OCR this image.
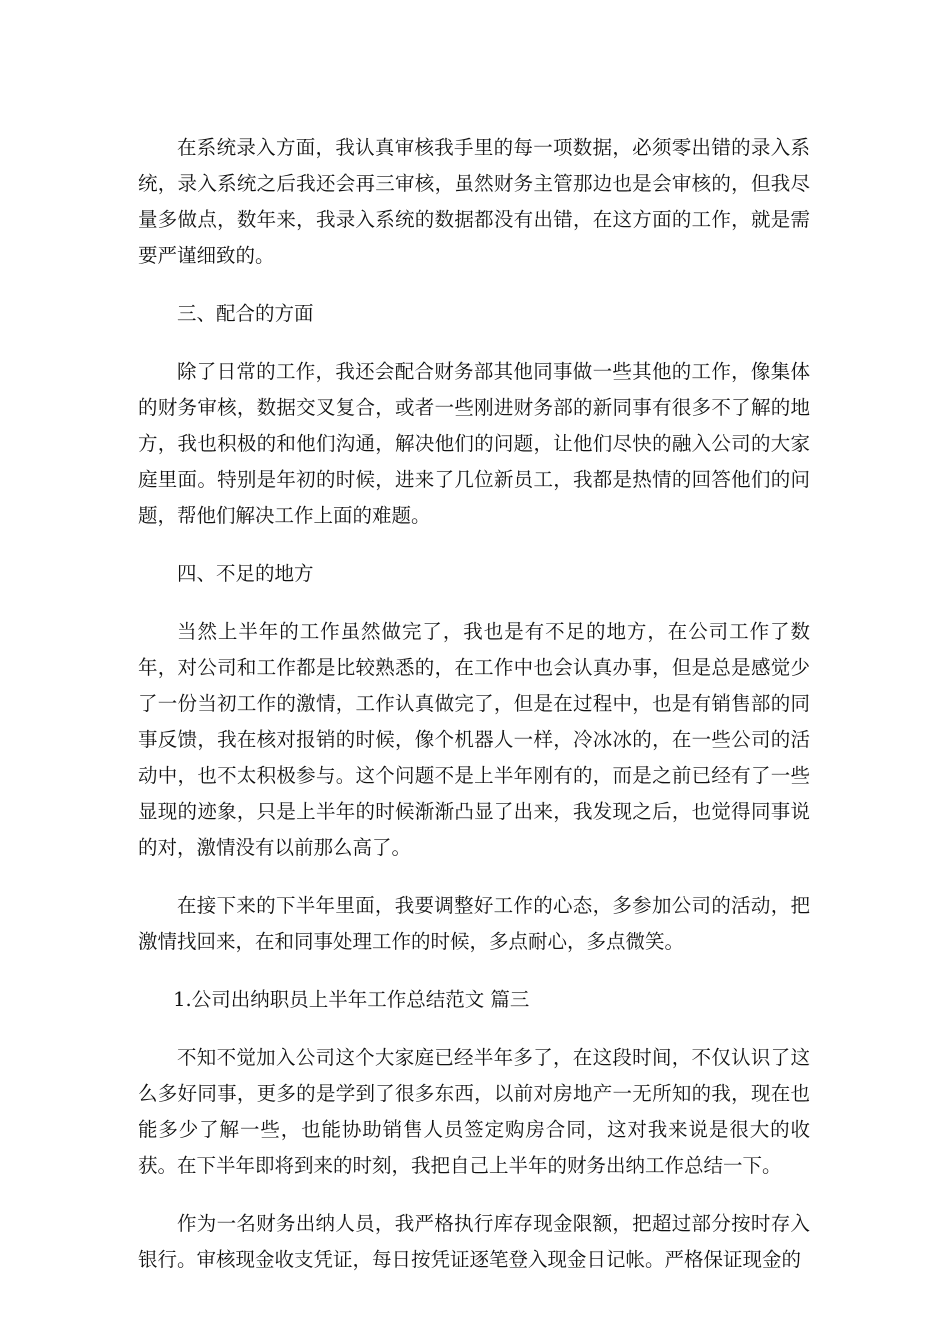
在系统录入方面，我认真审核我手里的每一项数据，必须零出错的录入系统，录入系统之后我还会再三审核，虽然财务主管那边也是会审核的，但我尽量多做点，数年来，我录入系统的数据都没有出错，在这方面的工作，就是需要严谨细致的。

三、配合的方面

除了日常的工作，我还会配合财务部其他同事做一些其他的工作，像集体的财务审核，数据交叉复合，或者一些刚进财务部的新同事有很多不了解的地方，我也积极的和他们沟通，解决他们的问题，让他们尽快的融入公司的大家庭里面。特别是年初的时候，进来了几位新员工，我都是热情的回答他们的问题，帮他们解决工作上面的难题。

四、不足的地方

当然上半年的工作虽然做完了，我也是有不足的地方，在公司工作了数年，对公司和工作都是比较熟悉的，在工作中也会认真办事，但是总是感觉少了一份当初工作的激情，工作认真做完了，但是在过程中，也是有销售部的同事反馈，我在核对报销的时候，像个机器人一样，冷冰冰的，在一些公司的活动中，也不太积极参与。这个问题不是上半年刚有的，而是之前已经有了一些显现的迹象，只是上半年的时候渐渐凸显了出来，我发现之后，也觉得同事说的对，激情没有以前那么高了。

在接下来的下半年里面，我要调整好工作的心态，多参加公司的活动，把激情找回来，在和同事处理工作的时候，多点耐心，多点微笑。

1.公司出纳职员上半年工作总结范文 篇三

不知不觉加入公司这个大家庭已经半年多了，在这段时间，不仅认识了这么多好同事，更多的是学到了很多东西，以前对房地产一无所知的我，现在也能多少了解一些，也能协助销售人员签定购房合同，这对我来说是很大的收获。在下半年即将到来的时刻，我把自己上半年的财务出纳工作总结一下。

作为一名财务出纳人员，我严格执行库存现金限额，把超过部分按时存入银行。审核现金收支凭证，每日按凭证逐笔登入现金日记帐。严格保证现金的
